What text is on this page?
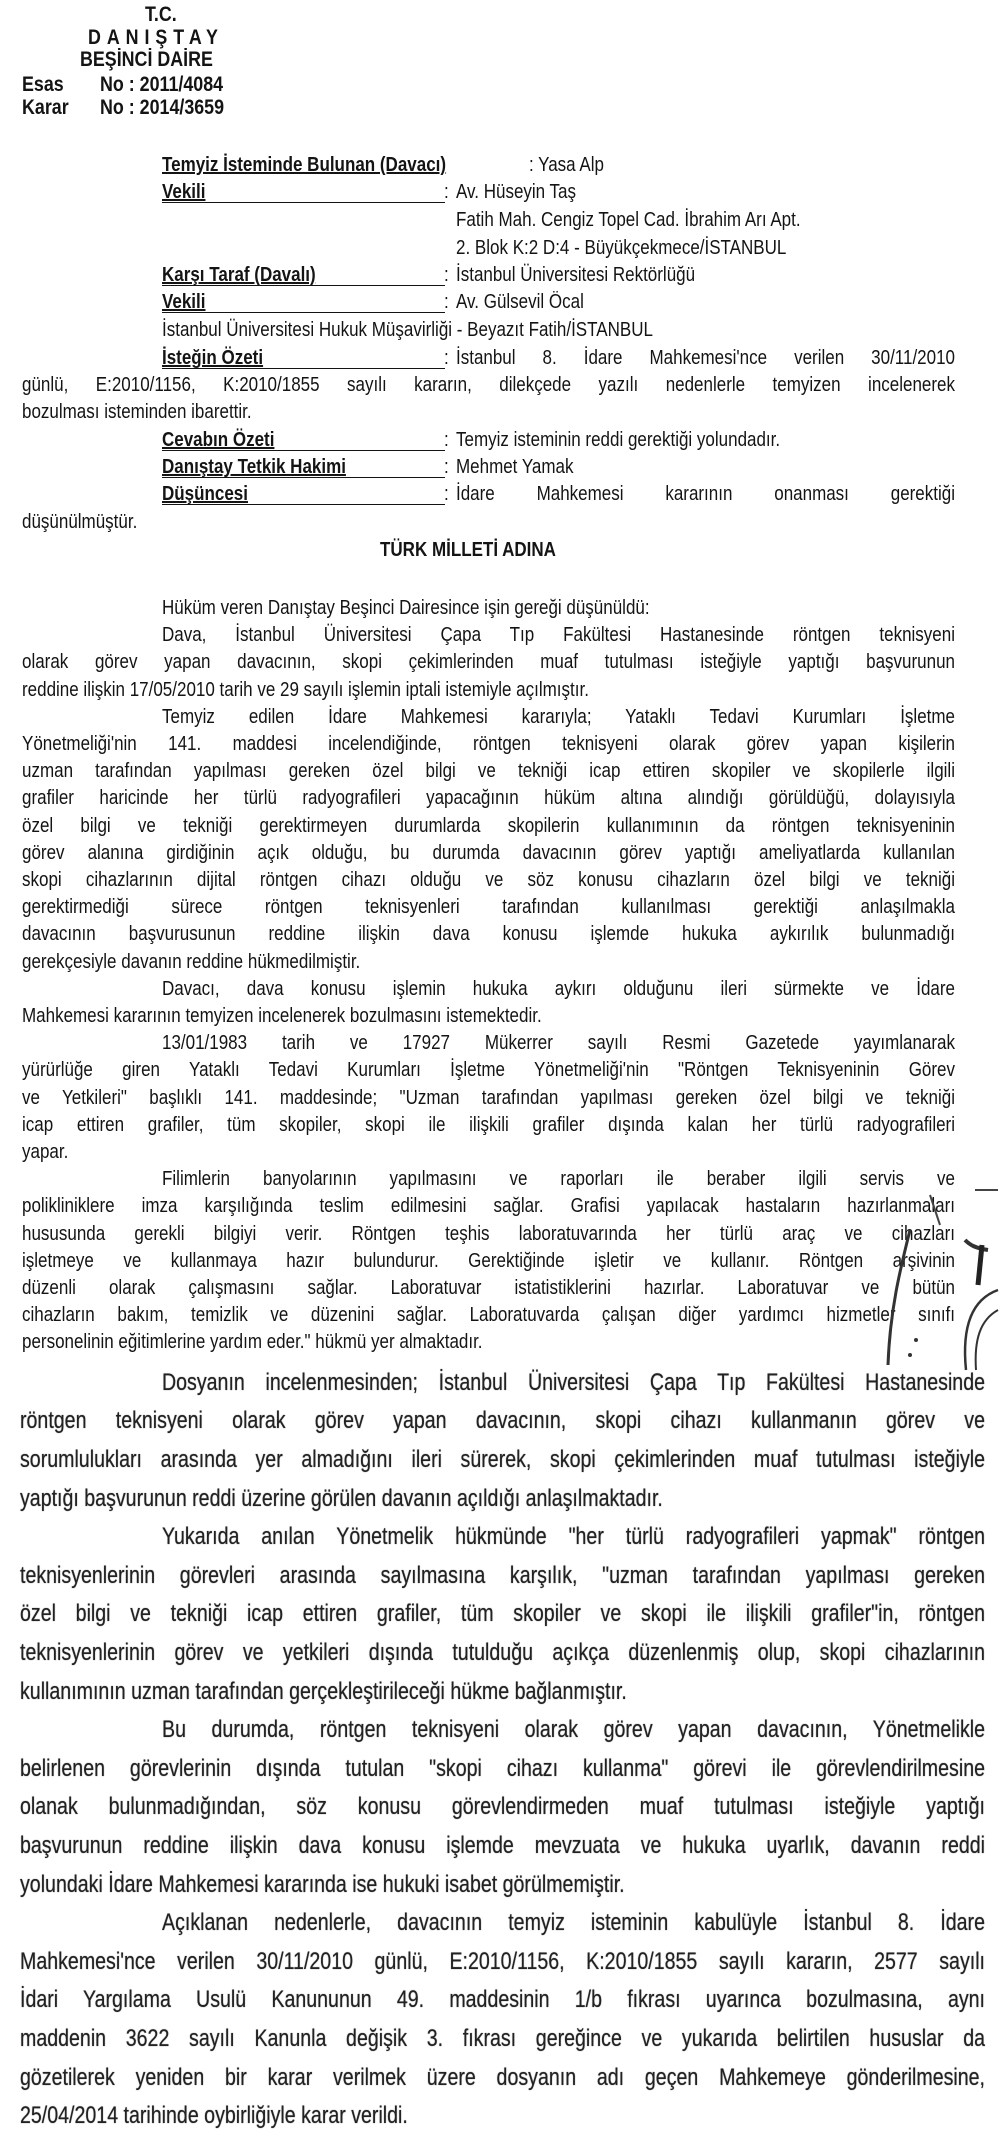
T.C.
DANIŞTAY
BEŞİNCİ DAİRE
Esas No : 2011/4084
Karar No : 2014/3659
Temyiz İsteminde Bulunan (Davacı)	: Yasa Alp
Vekili	: Av. Hüseyin Taş
Fatih Mah. Cengiz Topel Cad. İbrahim Arı Apt.
2. Blok K:2 D:4 - Büyükçekmece/İSTANBUL
Karşı Taraf (Davalı)	: İstanbul Üniversitesi Rektörlüğü
Vekili	: Av. Gülsevil Öcal
İstanbul Üniversitesi Hukuk Müşavirliği - Beyazıt Fatih/İSTANBUL
İsteğin Özeti	: İstanbul 8. İdare Mahkemesi'nce verilen 30/11/2010
günlü, E:2010/1156, K:2010/1855 sayılı kararın, dilekçede yazılı nedenlerle temyizen incelenerek
bozulması isteminden ibarettir.
Cevabın Özeti	: Temyiz isteminin reddi gerektiği yolundadır.
Danıştay Tetkik Hakimi	: Mehmet Yamak
Düşüncesi	: İdare Mahkemesi kararının onanması gerektiği
düşünülmüştür.
TÜRK MİLLETİ ADINA
Hüküm veren Danıştay Beşinci Dairesince işin gereği düşünüldü:
Dava, İstanbul Üniversitesi Çapa Tıp Fakültesi Hastanesinde röntgen teknisyeni
olarak görev yapan davacının, skopi çekimlerinden muaf tutulması isteğiyle yaptığı başvurunun
reddine ilişkin 17/05/2010 tarih ve 29 sayılı işlemin iptali istemiyle açılmıştır.
Temyiz edilen İdare Mahkemesi kararıyla; Yataklı Tedavi Kurumları İşletme
Yönetmeliği'nin 141. maddesi incelendiğinde, röntgen teknisyeni olarak görev yapan kişilerin
uzman tarafından yapılması gereken özel bilgi ve tekniği icap ettiren skopiler ve skopilerle ilgili
grafiler haricinde her türlü radyografileri yapacağının hüküm altına alındığı görüldüğü, dolayısıyla
özel bilgi ve tekniği gerektirmeyen durumlarda skopilerin kullanımının da röntgen teknisyeninin
görev alanına girdiğinin açık olduğu, bu durumda davacının görev yaptığı ameliyatlarda kullanılan
skopi cihazlarının dijital röntgen cihazı olduğu ve söz konusu cihazların özel bilgi ve tekniği
gerektirmediği sürece röntgen teknisyenleri tarafından kullanılması gerektiği anlaşılmakla
davacının başvurusunun reddine ilişkin dava konusu işlemde hukuka aykırılık bulunmadığı
gerekçesiyle davanın reddine hükmedilmiştir.
Davacı, dava konusu işlemin hukuka aykırı olduğunu ileri sürmekte ve İdare
Mahkemesi kararının temyizen incelenerek bozulmasını istemektedir.
13/01/1983 tarih ve 17927 Mükerrer sayılı Resmi Gazetede yayımlanarak
yürürlüğe giren Yataklı Tedavi Kurumları İşletme Yönetmeliği'nin "Röntgen Teknisyeninin Görev
ve Yetkileri" başlıklı 141. maddesinde; "Uzman tarafından yapılması gereken özel bilgi ve tekniği
icap ettiren grafiler, tüm skopiler, skopi ile ilişkili grafiler dışında kalan her türlü radyografileri
yapar.
Filimlerin banyolarının yapılmasını ve raporları ile beraber ilgili servis ve
polikliniklere imza karşılığında teslim edilmesini sağlar. Grafisi yapılacak hastaların hazırlanmaları
hususunda gerekli bilgiyi verir. Röntgen teşhis laboratuvarında her türlü araç ve cihazları
işletmeye ve kullanmaya hazır bulundurur. Gerektiğinde işletir ve kullanır. Röntgen arşivinin
düzenli olarak çalışmasını sağlar. Laboratuvar istatistiklerini hazırlar. Laboratuvar ve bütün
cihazların bakım, temizlik ve düzenini sağlar. Laboratuvarda çalışan diğer yardımcı hizmetler sınıfı
personelinin eğitimlerine yardım eder." hükmü yer almaktadır.
Dosyanın incelenmesinden; İstanbul Üniversitesi Çapa Tıp Fakültesi Hastanesinde
röntgen teknisyeni olarak görev yapan davacının, skopi cihazı kullanmanın görev ve
sorumlulukları arasında yer almadığını ileri sürerek, skopi çekimlerinden muaf tutulması isteğiyle
yaptığı başvurunun reddi üzerine görülen davanın açıldığı anlaşılmaktadır.
Yukarıda anılan Yönetmelik hükmünde "her türlü radyografileri yapmak" röntgen
teknisyenlerinin görevleri arasında sayılmasına karşılık, "uzman tarafından yapılması gereken
özel bilgi ve tekniği icap ettiren grafiler, tüm skopiler ve skopi ile ilişkili grafiler"in, röntgen
teknisyenlerinin görev ve yetkileri dışında tutulduğu açıkça düzenlenmiş olup, skopi cihazlarının
kullanımının uzman tarafından gerçekleştirileceği hükme bağlanmıştır.
Bu durumda, röntgen teknisyeni olarak görev yapan davacının, Yönetmelikle
belirlenen görevlerinin dışında tutulan "skopi cihazı kullanma" görevi ile görevlendirilmesine
olanak bulunmadığından, söz konusu görevlendirmeden muaf tutulması isteğiyle yaptığı
başvurunun reddine ilişkin dava konusu işlemde mevzuata ve hukuka uyarlık, davanın reddi
yolundaki İdare Mahkemesi kararında ise hukuki isabet görülmemiştir.
Açıklanan nedenlerle, davacının temyiz isteminin kabulüyle İstanbul 8. İdare
Mahkemesi'nce verilen 30/11/2010 günlü, E:2010/1156, K:2010/1855 sayılı kararın, 2577 sayılı
İdari Yargılama Usulü Kanununun 49. maddesinin 1/b fıkrası uyarınca bozulmasına, aynı
maddenin 3622 sayılı Kanunla değişik 3. fıkrası gereğince ve yukarıda belirtilen hususlar da
gözetilerek yeniden bir karar verilmek üzere dosyanın adı geçen Mahkemeye gönderilmesine,
25/04/2014 tarihinde oybirliğiyle karar verildi.
